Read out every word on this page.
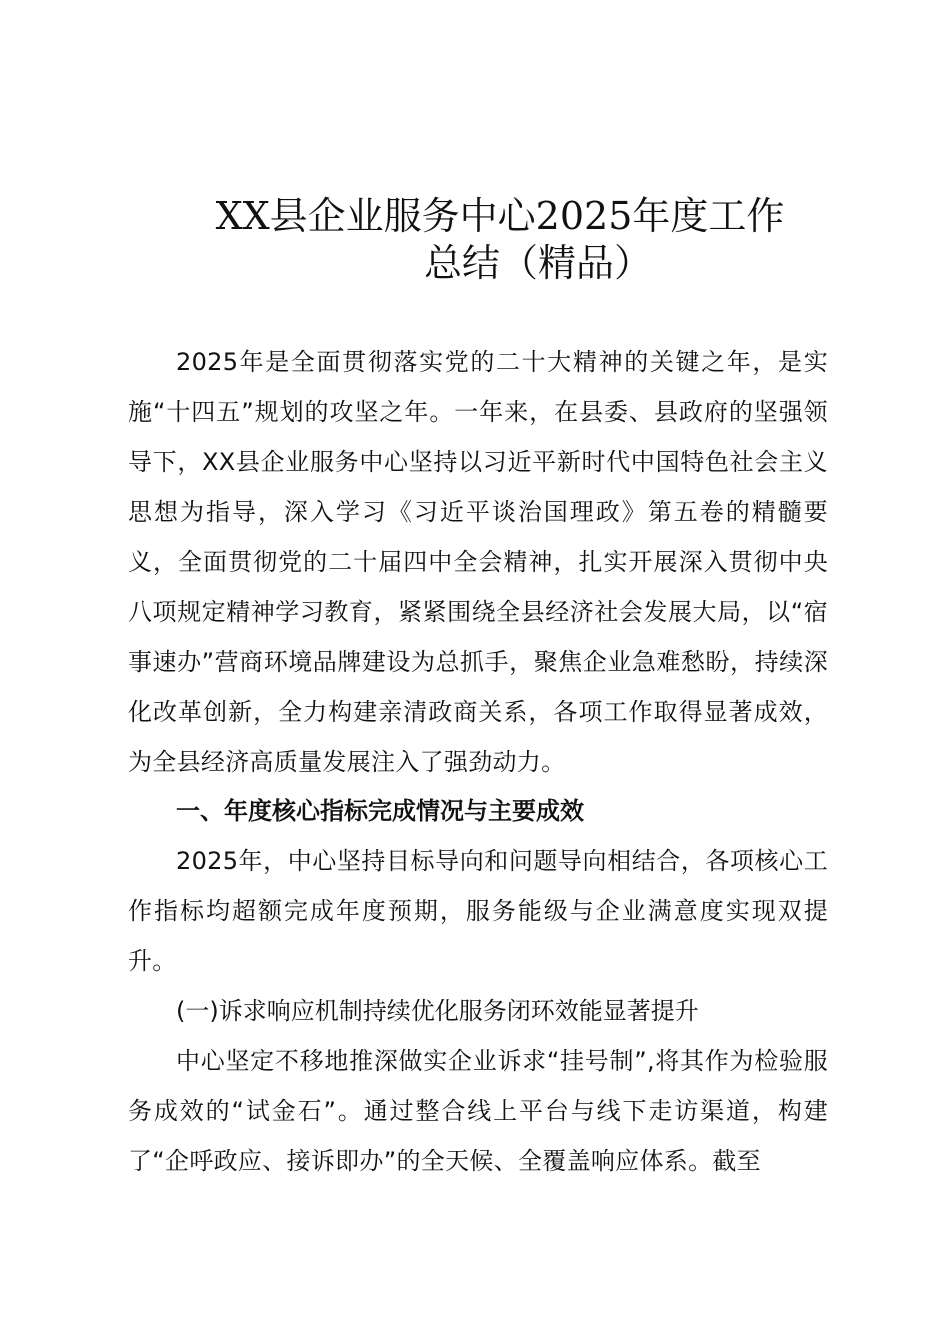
XX县企业服务中心2025年度工作
总结（精品）

2025年是全面贯彻落实党的二十大精神的关键之年，是实施“十四五”规划的攻坚之年。一年来，在县委、县政府的坚强领导下，XX县企业服务中心坚持以习近平新时代中国特色社会主义思想为指导，深入学习《习近平谈治国理政》第五卷的精髓要义，全面贯彻党的二十届四中全会精神，扎实开展深入贯彻中央八项规定精神学习教育，紧紧围绕全县经济社会发展大局，以“宿事速办”营商环境品牌建设为总抓手，聚焦企业急难愁盼，持续深化改革创新，全力构建亲清政商关系，各项工作取得显著成效，为全县经济高质量发展注入了强劲动力。

一、年度核心指标完成情况与主要成效

2025年，中心坚持目标导向和问题导向相结合，各项核心工作指标均超额完成年度预期，服务能级与企业满意度实现双提升。

(一)诉求响应机制持续优化服务闭环效能显著提升

中心坚定不移地推深做实企业诉求“挂号制”,将其作为检验服务成效的“试金石”。通过整合线上平台与线下走访渠道，构建了“企呼政应、接诉即办”的全天候、全覆盖响应体系。截至
